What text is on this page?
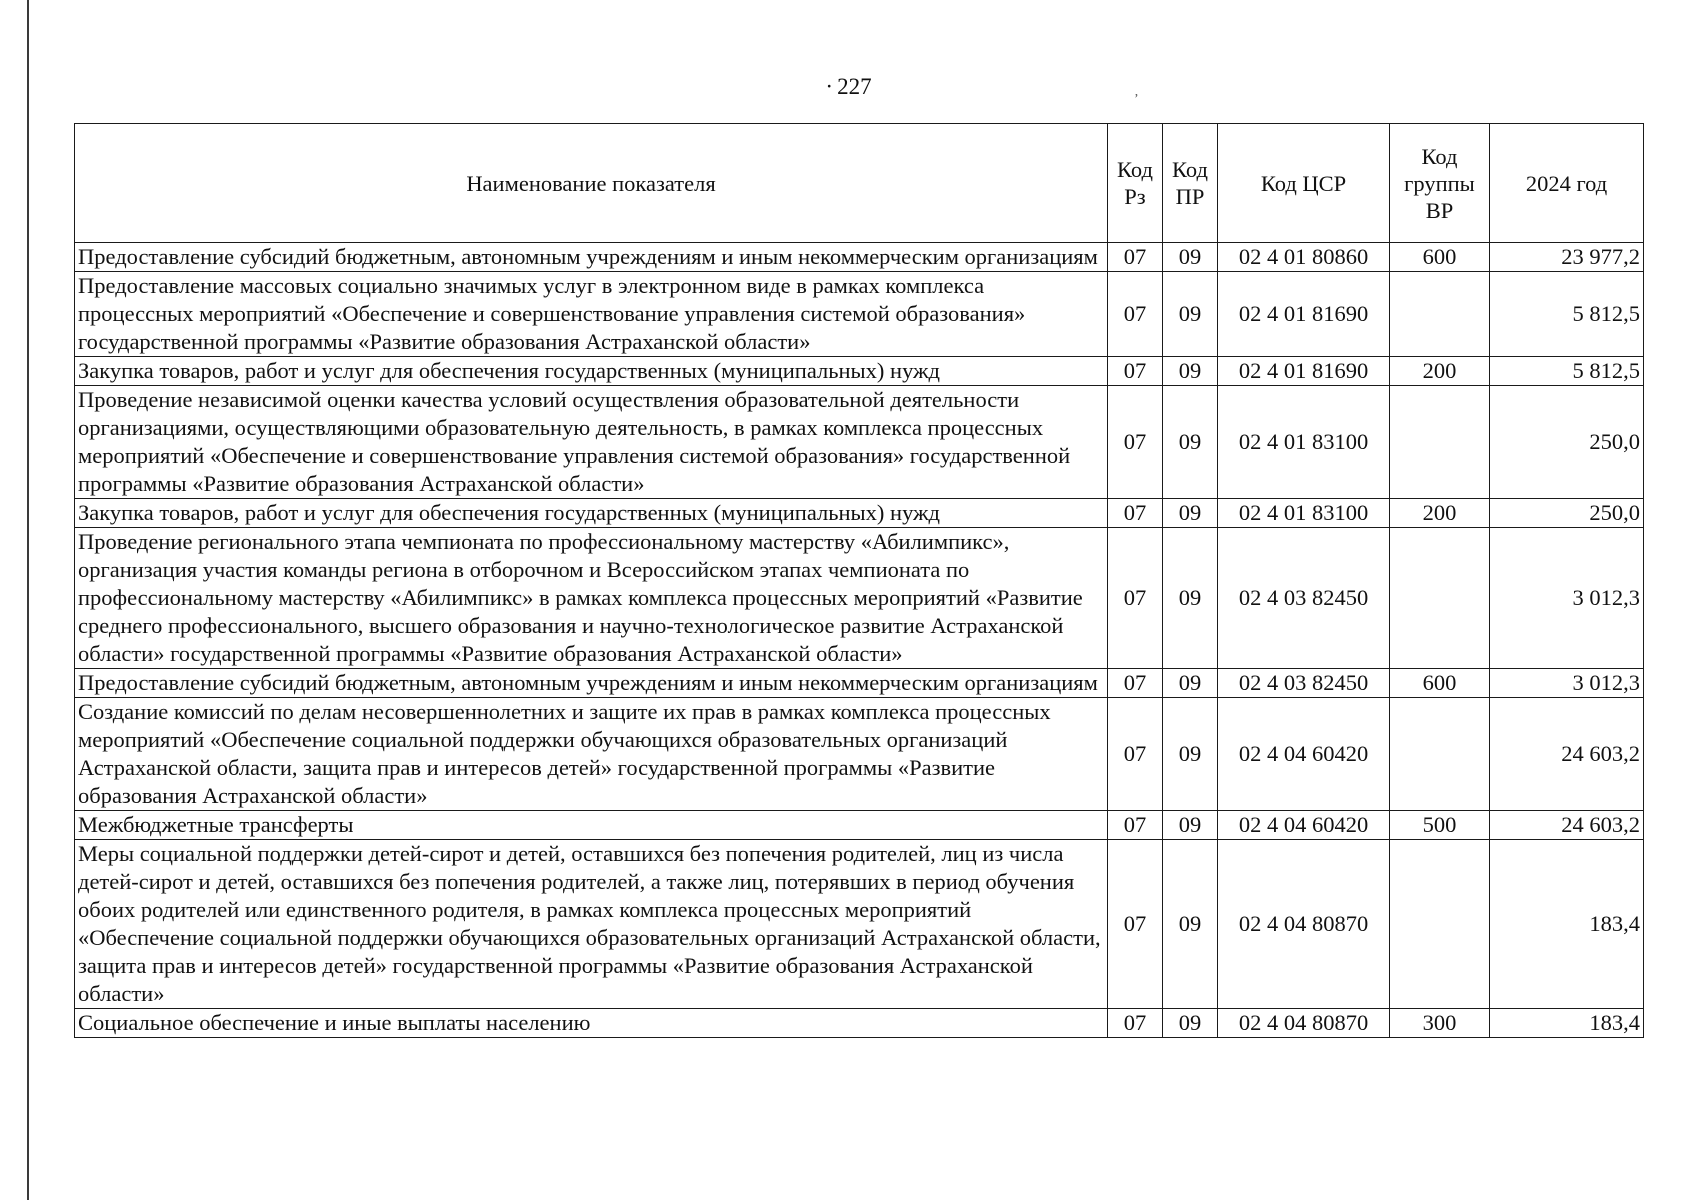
· 227
ʼ
Наименование показателя	Код Рз	Код ПР	Код ЦСР	Код группы ВР	2024 год
Предоставление субсидий бюджетным, автономным учреждениям и иным некоммерческим организациям	07	09	02 4 01 80860	600	23 977,2
Предоставление массовых социально значимых услуг в электронном виде в рамках комплекса процессных мероприятий «Обеспечение и совершенствование управления системой образования» государственной программы «Развитие образования Астраханской области»	07	09	02 4 01 81690		5 812,5
Закупка товаров, работ и услуг для обеспечения государственных (муниципальных) нужд	07	09	02 4 01 81690	200	5 812,5
Проведение независимой оценки качества условий осуществления образовательной деятельности организациями, осуществляющими образовательную деятельность, в рамках комплекса процессных мероприятий «Обеспечение и совершенствование управления системой образования» государственной программы «Развитие образования Астраханской области»	07	09	02 4 01 83100		250,0
Закупка товаров, работ и услуг для обеспечения государственных (муниципальных) нужд	07	09	02 4 01 83100	200	250,0
Проведение регионального этапа чемпионата по профессиональному мастерству «Абилимпикс», организация участия команды региона в отборочном и Всероссийском этапах чемпионата по профессиональному мастерству «Абилимпикс» в рамках комплекса процессных мероприятий «Развитие среднего профессионального, высшего образования и научно-технологическое развитие Астраханской области» государственной программы «Развитие образования Астраханской области»	07	09	02 4 03 82450		3 012,3
Предоставление субсидий бюджетным, автономным учреждениям и иным некоммерческим организациям	07	09	02 4 03 82450	600	3 012,3
Создание комиссий по делам несовершеннолетних и защите их прав в рамках комплекса процессных мероприятий «Обеспечение социальной поддержки обучающихся образовательных организаций Астраханской области, защита прав и интересов детей» государственной программы «Развитие образования Астраханской области»	07	09	02 4 04 60420		24 603,2
Межбюджетные трансферты	07	09	02 4 04 60420	500	24 603,2
Меры социальной поддержки детей-сирот и детей, оставшихся без попечения родителей, лиц из числа детей-сирот и детей, оставшихся без попечения родителей, а также лиц, потерявших в период обучения обоих родителей или единственного родителя, в рамках комплекса процессных мероприятий «Обеспечение социальной поддержки обучающихся образовательных организаций Астраханской области, защита прав и интересов детей» государственной программы «Развитие образования Астраханской области»	07	09	02 4 04 80870		183,4
Социальное обеспечение и иные выплаты населению	07	09	02 4 04 80870	300	183,4
